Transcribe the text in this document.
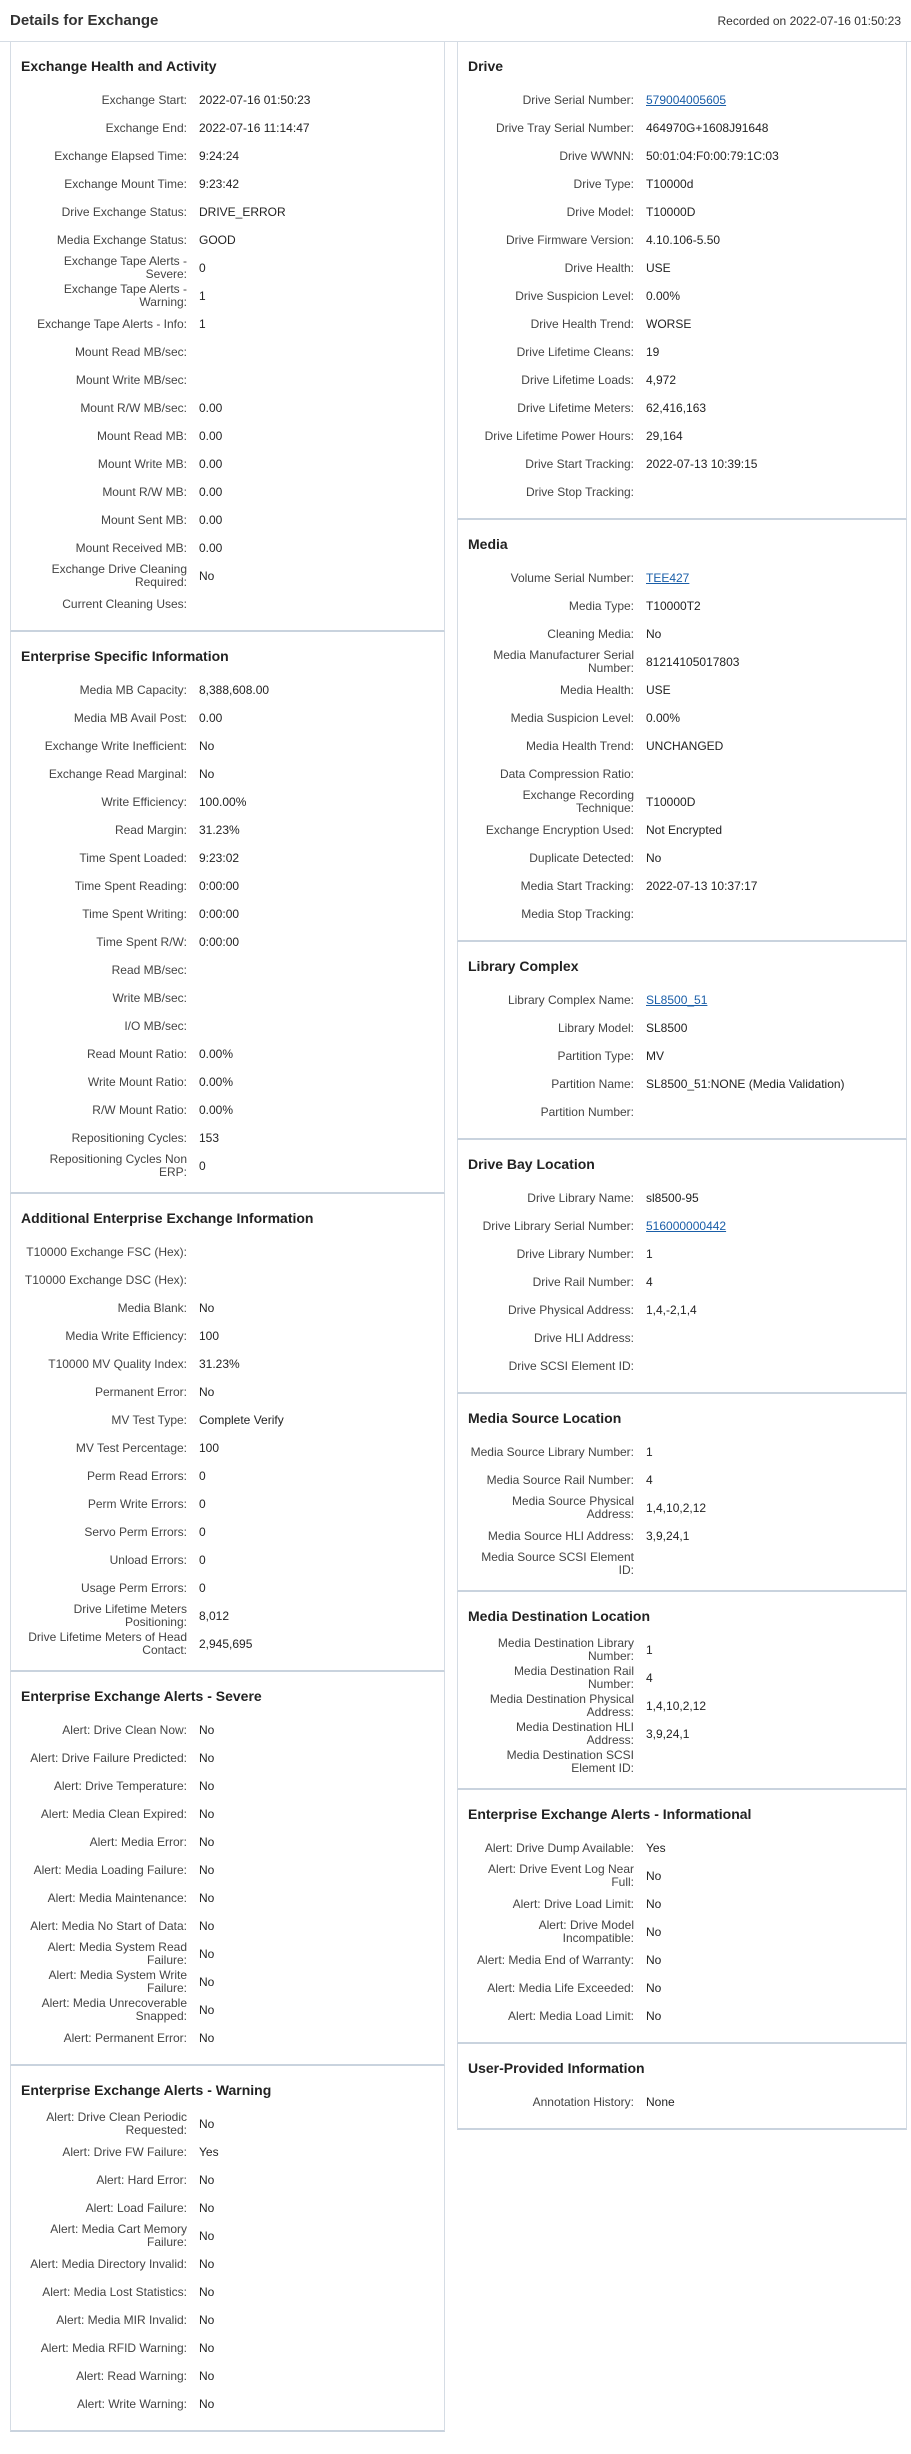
Details for Exchange	Recorded on 2022-07-16 01:50:23
Exchange Health and Activity
Exchange Start:	2022-07-16 01:50:23
Exchange End:	2022-07-16 11:14:47
Exchange Elapsed Time:	9:24:24
Exchange Mount Time:	9:23:42
Drive Exchange Status:	DRIVE_ERROR
Media Exchange Status:	GOOD
Exchange Tape Alerts - Severe:	0
Exchange Tape Alerts - Warning:	1
Exchange Tape Alerts - Info:	1
Mount Read MB/sec:
Mount Write MB/sec:
Mount R/W MB/sec:	0.00
Mount Read MB:	0.00
Mount Write MB:	0.00
Mount R/W MB:	0.00
Mount Sent MB:	0.00
Mount Received MB:	0.00
Exchange Drive Cleaning Required:	No
Current Cleaning Uses:
Enterprise Specific Information
Media MB Capacity:	8,388,608.00
Media MB Avail Post:	0.00
Exchange Write Inefficient:	No
Exchange Read Marginal:	No
Write Efficiency:	100.00%
Read Margin:	31.23%
Time Spent Loaded:	9:23:02
Time Spent Reading:	0:00:00
Time Spent Writing:	0:00:00
Time Spent R/W:	0:00:00
Read MB/sec:
Write MB/sec:
I/O MB/sec:
Read Mount Ratio:	0.00%
Write Mount Ratio:	0.00%
R/W Mount Ratio:	0.00%
Repositioning Cycles:	153
Repositioning Cycles Non ERP:	0
Additional Enterprise Exchange Information
T10000 Exchange FSC (Hex):
T10000 Exchange DSC (Hex):
Media Blank:	No
Media Write Efficiency:	100
T10000 MV Quality Index:	31.23%
Permanent Error:	No
MV Test Type:	Complete Verify
MV Test Percentage:	100
Perm Read Errors:	0
Perm Write Errors:	0
Servo Perm Errors:	0
Unload Errors:	0
Usage Perm Errors:	0
Drive Lifetime Meters Positioning:	8,012
Drive Lifetime Meters of Head Contact:	2,945,695
Enterprise Exchange Alerts - Severe
Alert: Drive Clean Now:	No
Alert: Drive Failure Predicted:	No
Alert: Drive Temperature:	No
Alert: Media Clean Expired:	No
Alert: Media Error:	No
Alert: Media Loading Failure:	No
Alert: Media Maintenance:	No
Alert: Media No Start of Data:	No
Alert: Media System Read Failure:	No
Alert: Media System Write Failure:	No
Alert: Media Unrecoverable Snapped:	No
Alert: Permanent Error:	No
Enterprise Exchange Alerts - Warning
Alert: Drive Clean Periodic Requested:	No
Alert: Drive FW Failure:	Yes
Alert: Hard Error:	No
Alert: Load Failure:	No
Alert: Media Cart Memory Failure:	No
Alert: Media Directory Invalid:	No
Alert: Media Lost Statistics:	No
Alert: Media MIR Invalid:	No
Alert: Media RFID Warning:	No
Alert: Read Warning:	No
Alert: Write Warning:	No
Drive
Drive Serial Number:	579004005605
Drive Tray Serial Number:	464970G+1608J91648
Drive WWNN:	50:01:04:F0:00:79:1C:03
Drive Type:	T10000d
Drive Model:	T10000D
Drive Firmware Version:	4.10.106-5.50
Drive Health:	USE
Drive Suspicion Level:	0.00%
Drive Health Trend:	WORSE
Drive Lifetime Cleans:	19
Drive Lifetime Loads:	4,972
Drive Lifetime Meters:	62,416,163
Drive Lifetime Power Hours:	29,164
Drive Start Tracking:	2022-07-13 10:39:15
Drive Stop Tracking:
Media
Volume Serial Number:	TEE427
Media Type:	T10000T2
Cleaning Media:	No
Media Manufacturer Serial Number:	81214105017803
Media Health:	USE
Media Suspicion Level:	0.00%
Media Health Trend:	UNCHANGED
Data Compression Ratio:
Exchange Recording Technique:	T10000D
Exchange Encryption Used:	Not Encrypted
Duplicate Detected:	No
Media Start Tracking:	2022-07-13 10:37:17
Media Stop Tracking:
Library Complex
Library Complex Name:	SL8500_51
Library Model:	SL8500
Partition Type:	MV
Partition Name:	SL8500_51:NONE (Media Validation)
Partition Number:
Drive Bay Location
Drive Library Name:	sl8500-95
Drive Library Serial Number:	516000000442
Drive Library Number:	1
Drive Rail Number:	4
Drive Physical Address:	1,4,-2,1,4
Drive HLI Address:
Drive SCSI Element ID:
Media Source Location
Media Source Library Number:	1
Media Source Rail Number:	4
Media Source Physical Address:	1,4,10,2,12
Media Source HLI Address:	3,9,24,1
Media Source SCSI Element ID:
Media Destination Location
Media Destination Library Number:	1
Media Destination Rail Number:	4
Media Destination Physical Address:	1,4,10,2,12
Media Destination HLI Address:	3,9,24,1
Media Destination SCSI Element ID:
Enterprise Exchange Alerts - Informational
Alert: Drive Dump Available:	Yes
Alert: Drive Event Log Near Full:	No
Alert: Drive Load Limit:	No
Alert: Drive Model Incompatible:	No
Alert: Media End of Warranty:	No
Alert: Media Life Exceeded:	No
Alert: Media Load Limit:	No
User-Provided Information
Annotation History:	None
